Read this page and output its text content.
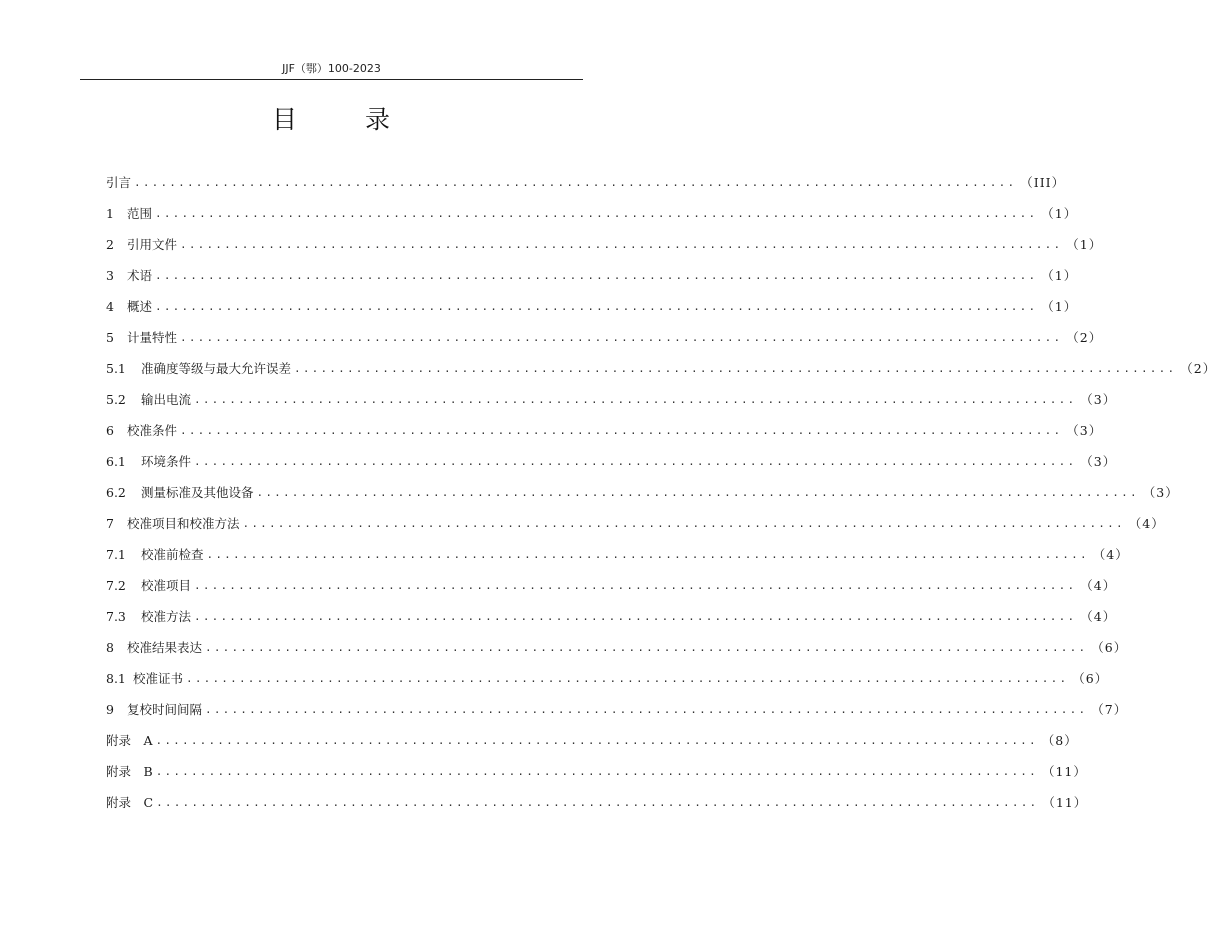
JJF（鄂）100-2023
目 录
引言 .................................................................................................... （III）
1	范围 .................................................................................................... （1）
2	引用文件 .................................................................................................... （1）
3	术语 .................................................................................................... （1）
4	概述 .................................................................................................... （1）
5	计量特性 .................................................................................................... （2）
5.1	准确度等级与最大允许误差 .................................................................................................... （2）
5.2	输出电流 .................................................................................................... （3）
6	校准条件 .................................................................................................... （3）
6.1	环境条件 .................................................................................................... （3）
6.2	测量标准及其他设备 .................................................................................................... （3）
7	校准项目和校准方法 .................................................................................................... （4）
7.1	校准前检查 .................................................................................................... （4）
7.2	校准项目 .................................................................................................... （4）
7.3	校准方法 .................................................................................................... （4）
8	校准结果表达 .................................................................................................... （6）
8.1 校准证书 .................................................................................................... （6）
9	复校时间间隔 .................................................................................................... （7）
附录　A .................................................................................................... （8）
附录　B .................................................................................................... （11）
附录　C .................................................................................................... （11）
